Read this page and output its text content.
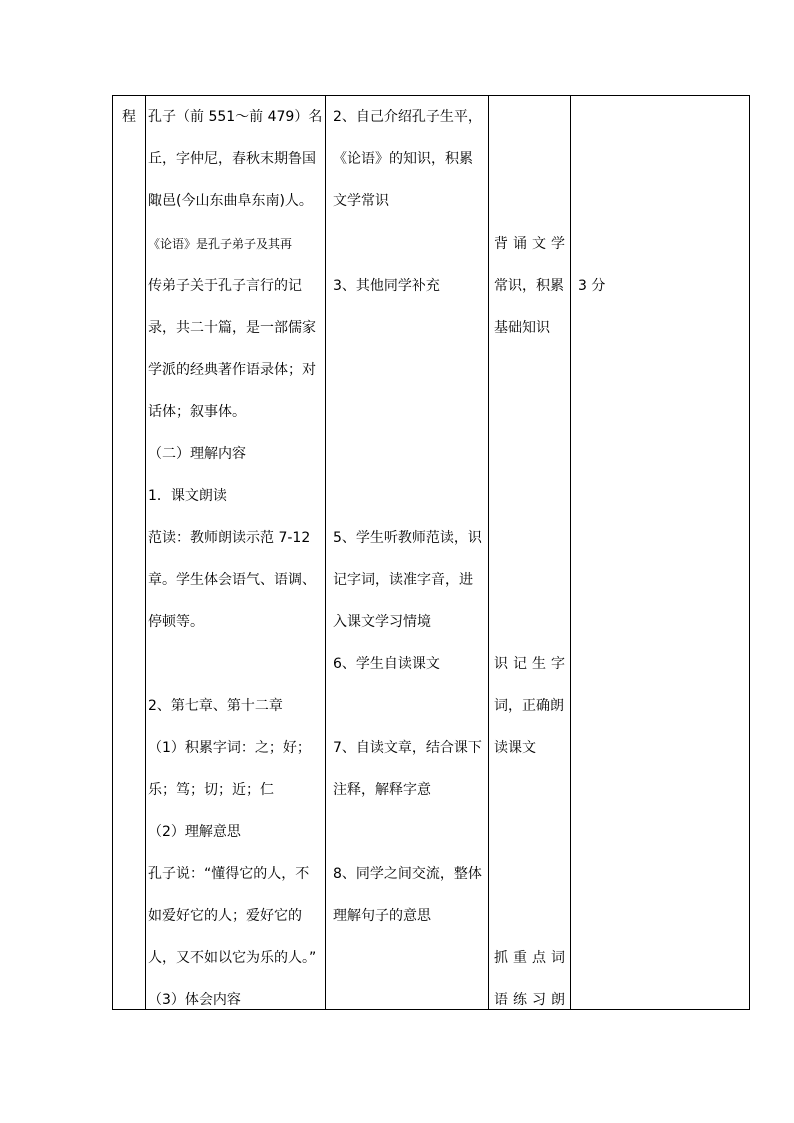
程 孔子（前 551～前 479）名
丘，字仲尼，春秋末期鲁国
陬邑(今山东曲阜东南)人。
《论语》是孔子弟子及其再
传弟子关于孔子言行的记
录，共二十篇，是一部儒家
学派的经典著作语录体；对
话体；叙事体。
（二）理解内容
1．课文朗读
范读：教师朗读示范 7-12
章。学生体会语气、语调、
停顿等。
2、第七章、第十二章
（1）积累字词：之；好；
乐；笃；切；近；仁
（2）理解意思
孔子说：“懂得它的人，不
如爱好它的人；爱好它的
人，又不如以它为乐的人。”
（3）体会内容
2、自己介绍孔子生平，
《论语》的知识，积累
文学常识
3、其他同学补充
5、学生听教师范读，识
记字词，读准字音，进
入课文学习情境
6、学生自读课文
7、自读文章，结合课下
注释，解释字意
8、同学之间交流，整体
理解句子的意思
背诵文学
常识，积累
基础知识
识记生字
词，正确朗
读课文
抓重点词
语练习朗
3 分
